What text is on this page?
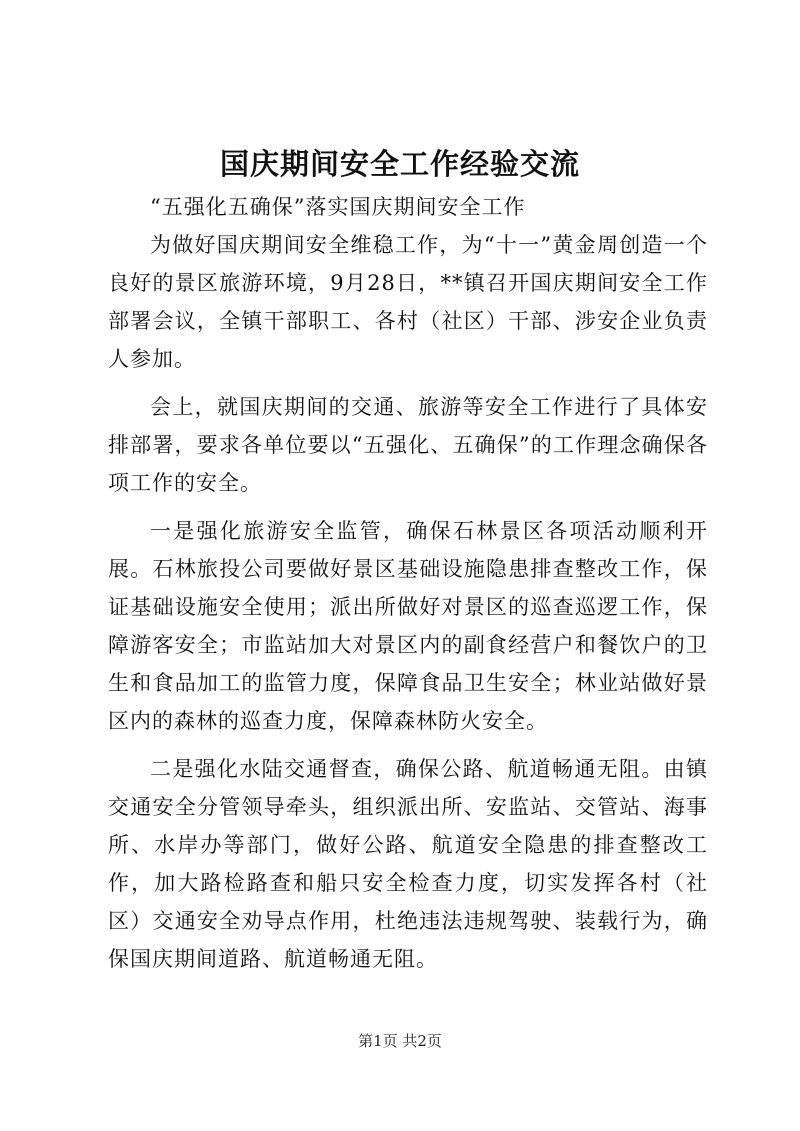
国庆期间安全工作经验交流

“五强化五确保”落实国庆期间安全工作

为做好国庆期间安全维稳工作，为“十一”黄金周创造一个良好的景区旅游环境，9月28日，**镇召开国庆期间安全工作部署会议，全镇干部职工、各村（社区）干部、涉安企业负责人参加。

会上，就国庆期间的交通、旅游等安全工作进行了具体安排部署，要求各单位要以“五强化、五确保”的工作理念确保各项工作的安全。

一是强化旅游安全监管，确保石林景区各项活动顺利开展。石林旅投公司要做好景区基础设施隐患排查整改工作，保证基础设施安全使用；派出所做好对景区的巡查巡逻工作，保障游客安全；市监站加大对景区内的副食经营户和餐饮户的卫生和食品加工的监管力度，保障食品卫生安全；林业站做好景区内的森林的巡查力度，保障森林防火安全。

二是强化水陆交通督查，确保公路、航道畅通无阻。由镇交通安全分管领导牵头，组织派出所、安监站、交管站、海事所、水岸办等部门，做好公路、航道安全隐患的排查整改工作，加大路检路查和船只安全检查力度，切实发挥各村（社区）交通安全劝导点作用，杜绝违法违规驾驶、装载行为，确保国庆期间道路、航道畅通无阻。

第1页 共2页
